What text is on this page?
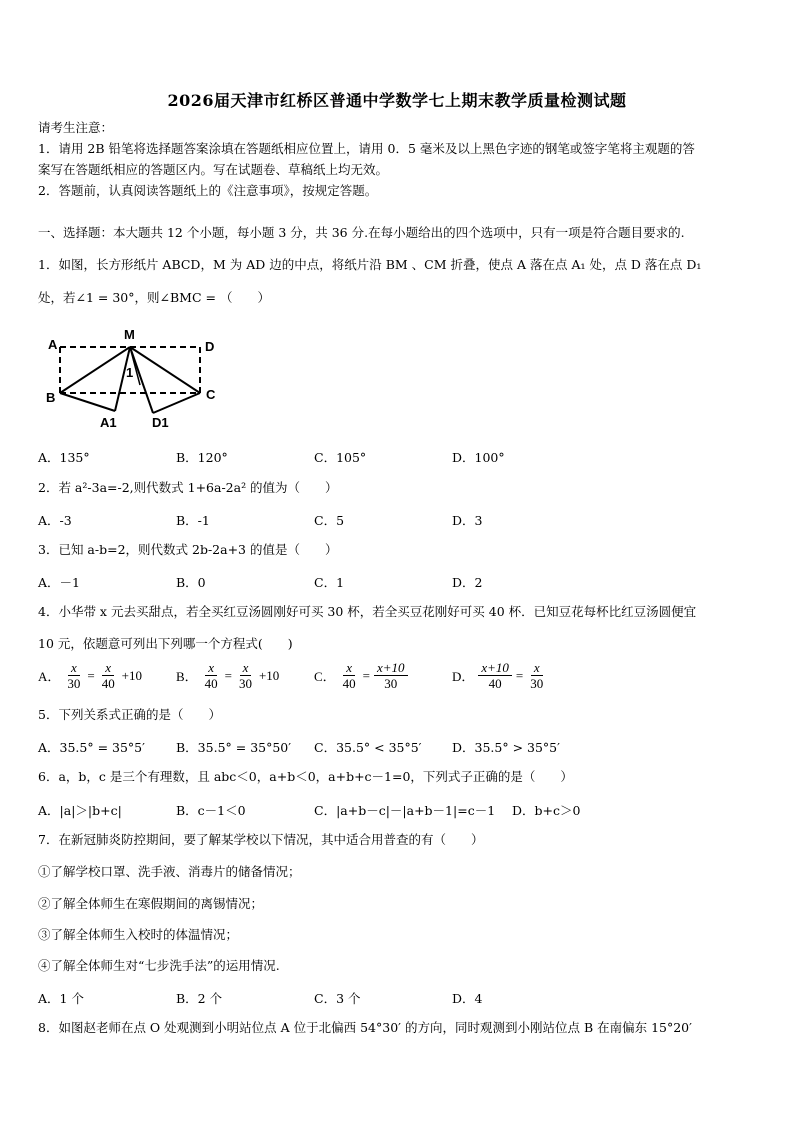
2026届天津市红桥区普通中学数学七上期末教学质量检测试题
请考生注意：
1．请用 2B 铅笔将选择题答案涂填在答题纸相应位置上，请用 0．5 毫米及以上黑色字迹的钢笔或签字笔将主观题的答
案写在答题纸相应的答题区内。写在试题卷、草稿纸上均无效。
2．答题前，认真阅读答题纸上的《注意事项》，按规定答题。
一、选择题：本大题共 12 个小题，每小题 3 分，共 36 分.在每小题给出的四个选项中，只有一项是符合题目要求的.
1．如图，长方形纸片 ABCD，M 为 AD 边的中点，将纸片沿 BM 、CM 折叠，使点 A 落在点 A₁ 处，点 D 落在点 D₁
处，若∠1 = 30°，则∠BMC = （　　）
A
M
D
B	C
A1	D1
1
A．135°	B．120°	C．105°	D．100°
2．若 a²-3a=-2,则代数式 1+6a-2a² 的值为（　　）
A．-3	B．-1	C．5	D．3
3．已知 a-b=2，则代数式 2b-2a+3 的值是（　　）
A．－1	B．0	C．1	D．2
4．小华带 x 元去买甜点，若全买红豆汤圆刚好可买 30 杯，若全买豆花刚好可买 40 杯．已知豆花每杯比红豆汤圆便宜
10 元，依题意可列出下列哪一个方程式(　　)
A． $\frac{x}{30} = \frac{x}{40} +10$	B． $\frac{x}{40} = \frac{x}{30} +10$	C． $\frac{x}{40} = \frac{x+10}{30}$	D． $\frac{x+10}{40} = \frac{x}{30}$
5．下列关系式正确的是（　　）
A．35.5° = 35°5′ B．35.5° = 35°50′ C．35.5° < 35°5′ D．35.5° > 35°5′
6．a，b，c 是三个有理数，且 abc＜0，a+b＜0，a+b+c－1=0，下列式子正确的是（　　）
A．|a|＞|b+c|	B．c－1＜0	C．|a+b－c|－|a+b－1|=c－1 D．b+c＞0
7．在新冠肺炎防控期间，要了解某学校以下情况，其中适合用普查的有（　　）
①了解学校口罩、洗手液、消毒片的储备情况；
②了解全体师生在寒假期间的离锡情况；
③了解全体师生入校时的体温情况；
④了解全体师生对“七步洗手法”的运用情况.
A．1 个	B．2 个	C．3 个	D．4
8．如图赵老师在点 O 处观测到小明站位点 A 位于北偏西 54°30′ 的方向，同时观测到小刚站位点 B 在南偏东 15°20′
